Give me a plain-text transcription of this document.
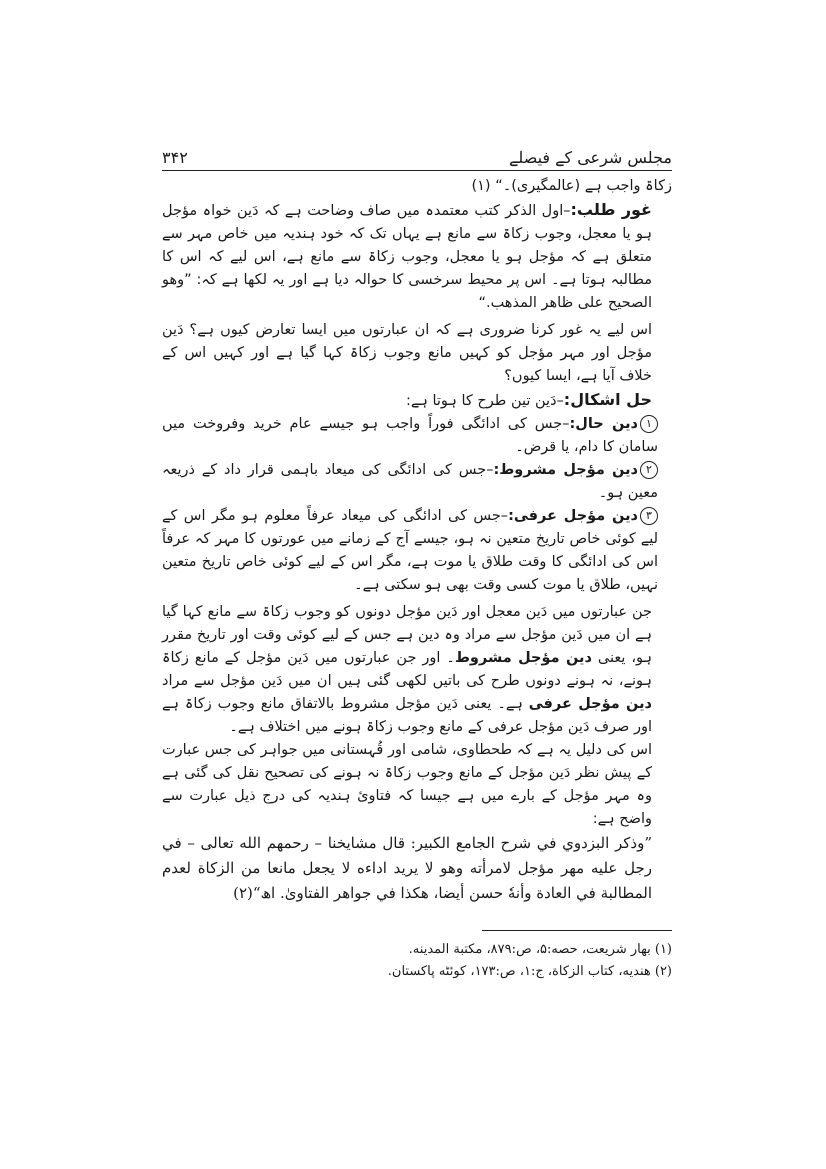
مجلس شرعی کے فیصلے
۳۴۲

زکاۃ واجب ہے (عالمگیری)۔“ (۱)

غور طلب:–اول الذکر کتب معتمدہ میں صاف وضاحت ہے کہ دَین خواہ مؤجل ہو یا معجل، وجوب زکاۃ سے مانع ہے یہاں تک کہ خود ہندیہ میں خاص مہر سے متعلق ہے کہ مؤجل ہو یا معجل، وجوب زکاۃ سے مانع ہے، اس لیے کہ اس کا مطالبہ ہوتا ہے۔ اس پر محیط سرخسی کا حوالہ دیا ہے اور یہ لکھا ہے کہ: ”وهو الصحيح على ظاهر المذهب.“

اس لیے یہ غور کرنا ضروری ہے کہ ان عبارتوں میں ایسا تعارض کیوں ہے؟ دَین مؤجل اور مہر مؤجل کو کہیں مانع وجوب زکاۃ کہا گیا ہے اور کہیں اس کے خلاف آیا ہے، ایسا کیوں؟

حل اشکال:–دَین تین طرح کا ہوتا ہے:

۱دین حال:–جس کی ادائگی فوراً واجب ہو جیسے عام خرید وفروخت میں سامان کا دام، یا قرض۔

۲دین مؤجل مشروط:–جس کی ادائگی کی میعاد باہمی قرار داد کے ذریعہ معین ہو۔

۳دین مؤجل عرفی:–جس کی ادائگی کی میعاد عرفاً معلوم ہو مگر اس کے لیے کوئی خاص تاریخ متعین نہ ہو، جیسے آج کے زمانے میں عورتوں کا مہر کہ عرفاً اس کی ادائگی کا وقت طلاق یا موت ہے، مگر اس کے لیے کوئی خاص تاریخ متعین نہیں، طلاق یا موت کسی وقت بھی ہو سکتی ہے۔

جن عبارتوں میں دَین معجل اور دَین مؤجل دونوں کو وجوب زکاۃ سے مانع کہا گیا ہے ان میں دَین مؤجل سے مراد وہ دین ہے جس کے لیے کوئی وقت اور تاریخ مقرر ہو، یعنی دین مؤجل مشروط۔ اور جن عبارتوں میں دَین مؤجل کے مانع زکاۃ ہونے، نہ ہونے دونوں طرح کی باتیں لکھی گئی ہیں ان میں دَین مؤجل سے مراد دین مؤجل عرفی ہے۔ یعنی دَین مؤجل مشروط بالاتفاق مانع وجوب زکاۃ ہے اور صرف دَین مؤجل عرفی کے مانع وجوب زکاۃ ہونے میں اختلاف ہے۔

اس کی دلیل یہ ہے کہ طحطاوی، شامی اور قُہستانی میں جواہر کی جس عبارت کے پیش نظر دَین مؤجل کے مانع وجوب زکاۃ نہ ہونے کی تصحیح نقل کی گئی ہے وہ مہر مؤجل کے بارے میں ہے جیسا کہ فتاوئ ہندیہ کی درج ذیل عبارت سے واضح ہے:

”وذكر البزدوي في شرح الجامع الكبير: قال مشايخنا – رحمهم الله تعالى – في رجل عليه مهر مؤجل لامرأته وهو لا يريد اداءه لا يجعل مانعا من الزكاة لعدم المطالبة في العادة وأنهٗ حسن أيضا، هكذا في جواهر الفتاوىٰ. اھ“(۲)

(۱) بهار شريعت، حصه:۵، ص:۸۷۹، مكتبة المدينه.

(۲) هنديه، كتاب الزكاة، ج:۱، ص:۱۷۳، كوئٹه پاكستان.
